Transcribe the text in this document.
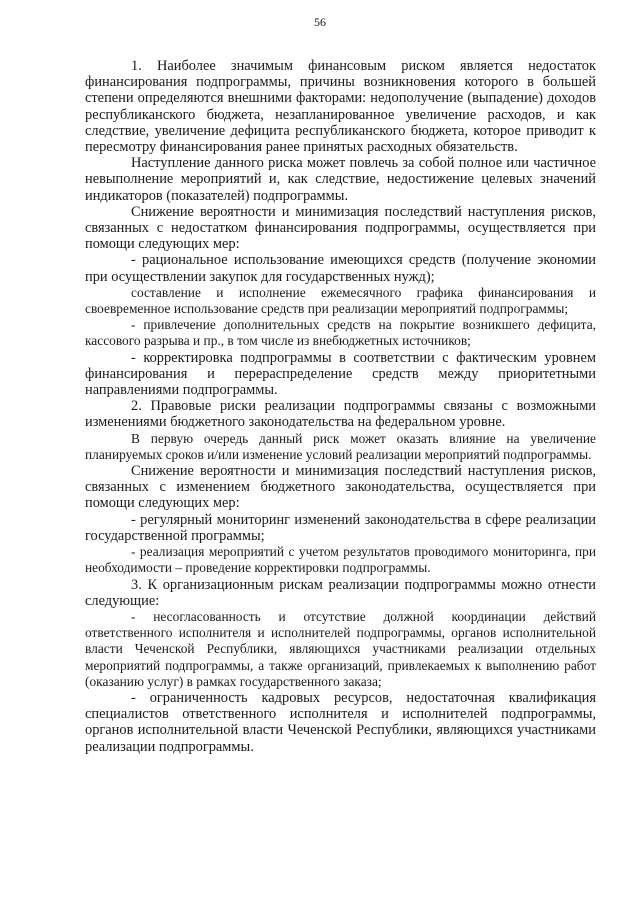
56

1. Наиболее значимым финансовым риском является недостаток финансирования подпрограммы, причины возникновения которого в большей степени определяются внешними факторами: недополучение (выпадение) доходов республиканского бюджета, незапланированное увеличение расходов, и как следствие, увеличение дефицита республиканского бюджета, которое приводит к пересмотру финансирования ранее принятых расходных обязательств.

Наступление данного риска может повлечь за собой полное или частичное невыполнение мероприятий и, как следствие, недостижение целевых значений индикаторов (показателей) подпрограммы.

Снижение вероятности и минимизация последствий наступления рисков, связанных с недостатком финансирования подпрограммы, осуществляется при помощи следующих мер:

- рациональное использование имеющихся средств (получение экономии при осуществлении закупок для государственных нужд);

составление и исполнение ежемесячного графика финансирования и своевременное использование средств при реализации мероприятий подпрограммы;

- привлечение дополнительных средств на покрытие возникшего дефицита, кассового разрыва и пр., в том числе из внебюджетных источников;

- корректировка подпрограммы в соответствии с фактическим уровнем финансирования и перераспределение средств между приоритетными направлениями подпрограммы.

2. Правовые риски реализации подпрограммы связаны с возможными изменениями бюджетного законодательства на федеральном уровне.

В первую очередь данный риск может оказать влияние на увеличение планируемых сроков и/или изменение условий реализации мероприятий подпрограммы.

Снижение вероятности и минимизация последствий наступления рисков, связанных с изменением бюджетного законодательства, осуществляется при помощи следующих мер:

- регулярный мониторинг изменений законодательства в сфере реализации государственной программы;

- реализация мероприятий с учетом результатов проводимого мониторинга, при необходимости – проведение корректировки подпрограммы.

3. К организационным рискам реализации подпрограммы можно отнести следующие:

- несогласованность и отсутствие должной координации действий ответственного исполнителя и исполнителей подпрограммы, органов исполнительной власти Чеченской Республики, являющихся участниками реализации отдельных мероприятий подпрограммы, а также организаций, привлекаемых к выполнению работ (оказанию услуг) в рамках государственного заказа;

- ограниченность кадровых ресурсов, недостаточная квалификация специалистов ответственного исполнителя и исполнителей подпрограммы, органов исполнительной власти Чеченской Республики, являющихся участниками реализации подпрограммы.
